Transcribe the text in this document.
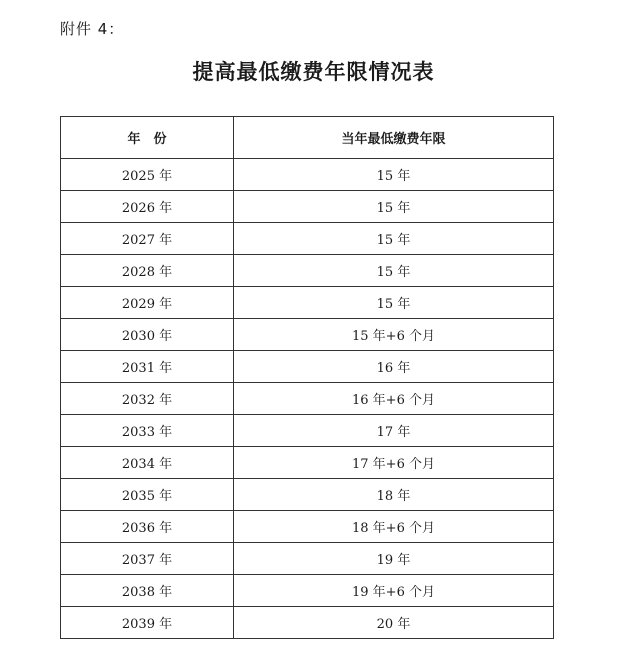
附件 4：
提高最低缴费年限情况表
年　份	当年最低缴费年限
2025 年	15 年
2026 年	15 年
2027 年	15 年
2028 年	15 年
2029 年	15 年
2030 年	15 年+6 个月
2031 年	16 年
2032 年	16 年+6 个月
2033 年	17 年
2034 年	17 年+6 个月
2035 年	18 年
2036 年	18 年+6 个月
2037 年	19 年
2038 年	19 年+6 个月
2039 年	20 年
